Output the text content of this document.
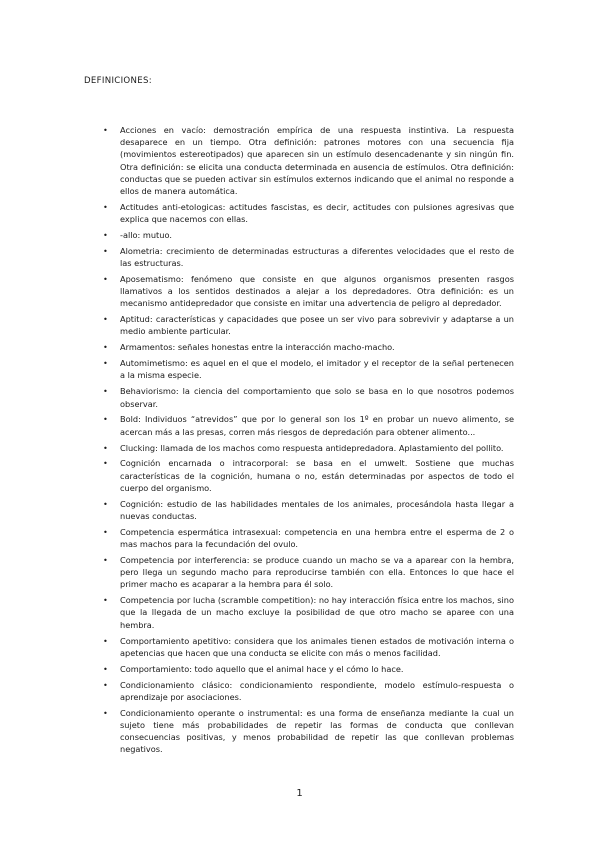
DEFINICIONES:
• Acciones en vacío: demostración empírica de una respuesta instintiva. La respuesta desaparece en un tiempo. Otra definición: patrones motores con una secuencia fija (movimientos estereotipados) que aparecen sin un estímulo desencadenante y sin ningún fin. Otra definición: se elicita una conducta determinada en ausencia de estímulos. Otra definición: conductas que se pueden activar sin estímulos externos indicando que el animal no responde a ellos de manera automática.
• Actitudes anti-etologicas: actitudes fascistas, es decir, actitudes con pulsiones agresivas que explica que nacemos con ellas.
• -allo: mutuo.
• Alometria: crecimiento de determinadas estructuras a diferentes velocidades que el resto de las estructuras.
• Aposematismo: fenómeno que consiste en que algunos organismos presenten rasgos llamativos a los sentidos destinados a alejar a los depredadores. Otra definición: es un mecanismo antidepredador que consiste en imitar una advertencia de peligro al depredador.
• Aptitud: características y capacidades que posee un ser vivo para sobrevivir y adaptarse a un medio ambiente particular.
• Armamentos: señales honestas entre la interacción macho-macho.
• Automimetismo: es aquel en el que el modelo, el imitador y el receptor de la señal pertenecen a la misma especie.
• Behaviorismo: la ciencia del comportamiento que solo se basa en lo que nosotros podemos observar.
• Bold: Individuos “atrevidos” que por lo general son los 1º en probar un nuevo alimento, se acercan más a las presas, corren más riesgos de depredación para obtener alimento...
• Clucking: llamada de los machos como respuesta antidepredadora. Aplastamiento del pollito.
• Cognición encarnada o intracorporal: se basa en el umwelt. Sostiene que muchas características de la cognición, humana o no, están determinadas por aspectos de todo el cuerpo del organismo.
• Cognición: estudio de las habilidades mentales de los animales, procesándola hasta llegar a nuevas conductas.
• Competencia espermática intrasexual: competencia en una hembra entre el esperma de 2 o mas machos para la fecundación del ovulo.
• Competencia por interferencia: se produce cuando un macho se va a aparear con la hembra, pero llega un segundo macho para reproducirse también con ella. Entonces lo que hace el primer macho es acaparar a la hembra para él solo.
• Competencia por lucha (scramble competition): no hay interacción física entre los machos, sino que la llegada de un macho excluye la posibilidad de que otro macho se aparee con una hembra.
• Comportamiento apetitivo: considera que los animales tienen estados de motivación interna o apetencias que hacen que una conducta se elicite con más o menos facilidad.
• Comportamiento: todo aquello que el animal hace y el cómo lo hace.
• Condicionamiento clásico: condicionamiento respondiente, modelo estímulo-respuesta o aprendizaje por asociaciones.
• Condicionamiento operante o instrumental: es una forma de enseñanza mediante la cual un sujeto tiene más probabilidades de repetir las formas de conducta que conllevan consecuencias positivas, y menos probabilidad de repetir las que conllevan problemas negativos.
1
